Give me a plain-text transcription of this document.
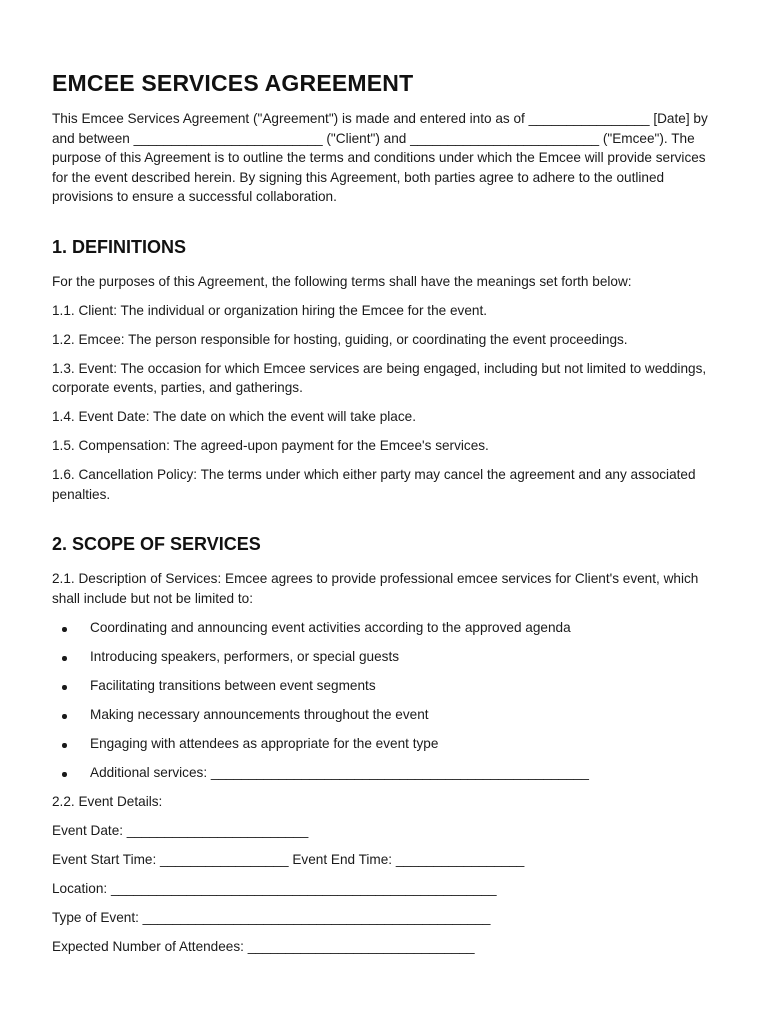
EMCEE SERVICES AGREEMENT

This Emcee Services Agreement ("Agreement") is made and entered into as of ________________ [Date] by and between _________________________ ("Client") and _________________________ ("Emcee"). The purpose of this Agreement is to outline the terms and conditions under which the Emcee will provide services for the event described herein. By signing this Agreement, both parties agree to adhere to the outlined provisions to ensure a successful collaboration.

1. DEFINITIONS

For the purposes of this Agreement, the following terms shall have the meanings set forth below:

1.1. Client: The individual or organization hiring the Emcee for the event.

1.2. Emcee: The person responsible for hosting, guiding, or coordinating the event proceedings.

1.3. Event: The occasion for which Emcee services are being engaged, including but not limited to weddings, corporate events, parties, and gatherings.

1.4. Event Date: The date on which the event will take place.

1.5. Compensation: The agreed-upon payment for the Emcee's services.

1.6. Cancellation Policy: The terms under which either party may cancel the agreement and any associated penalties.

2. SCOPE OF SERVICES

2.1. Description of Services: Emcee agrees to provide professional emcee services for Client's event, which shall include but not be limited to:

Coordinating and announcing event activities according to the approved agenda
Introducing speakers, performers, or special guests
Facilitating transitions between event segments
Making necessary announcements throughout the event
Engaging with attendees as appropriate for the event type
Additional services: __________________________________________________

2.2. Event Details:

Event Date: ________________________

Event Start Time: _________________ Event End Time: _________________

Location: ___________________________________________________

Type of Event: ______________________________________________

Expected Number of Attendees: ______________________________
